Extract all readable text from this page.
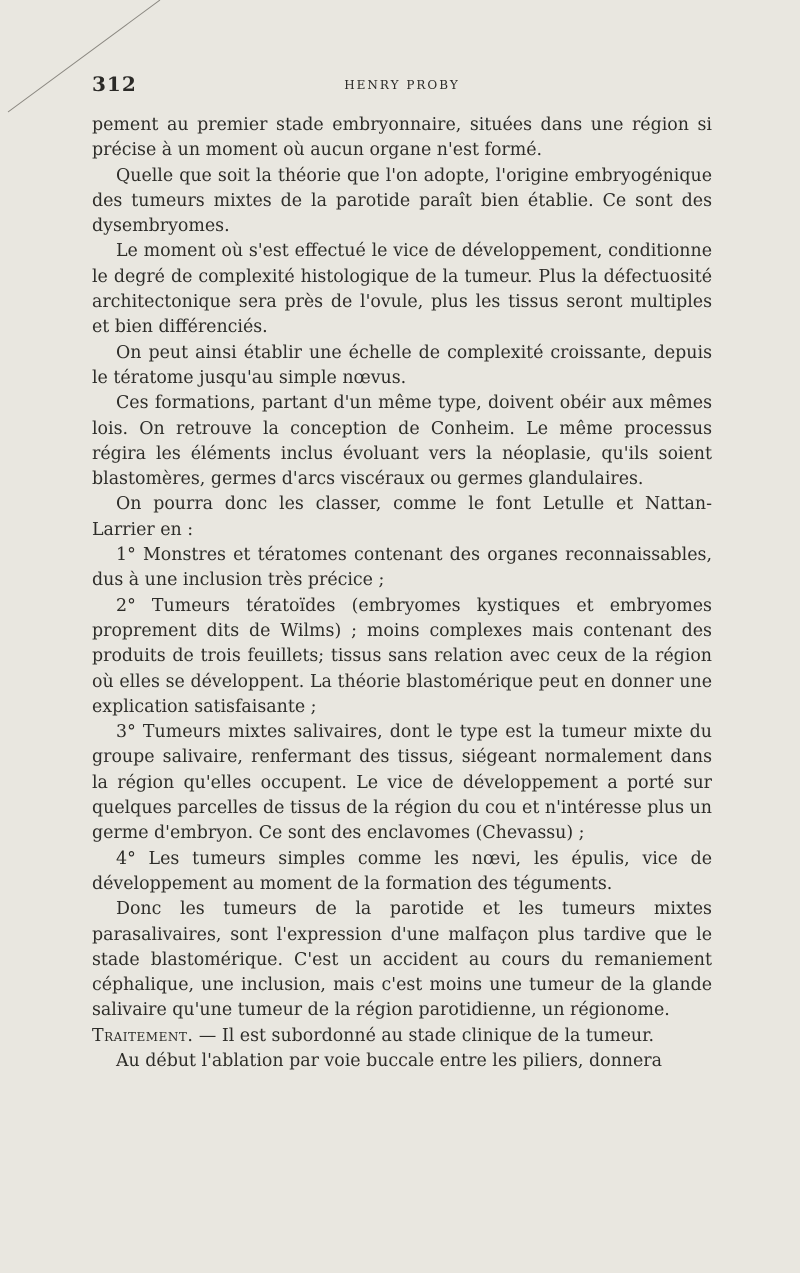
312	HENRY PROBY

pement au premier stade embryonnaire, situées dans une région si précise à un moment où aucun organe n'est formé.

Quelle que soit la théorie que l'on adopte, l'origine embryogénique des tumeurs mixtes de la parotide paraît bien établie. Ce sont des dysembryomes.

Le moment où s'est effectué le vice de développement, conditionne le degré de complexité histologique de la tumeur. Plus la défectuosité architectonique sera près de l'ovule, plus les tissus seront multiples et bien différenciés.

On peut ainsi établir une échelle de complexité croissante, depuis le tératome jusqu'au simple nœvus.

Ces formations, partant d'un même type, doivent obéir aux mêmes lois. On retrouve la conception de Conheim. Le même processus régira les éléments inclus évoluant vers la néoplasie, qu'ils soient blastomères, germes d'arcs viscéraux ou germes glandulaires.

On pourra donc les classer, comme le font Letulle et Nattan-Larrier en :

1° Monstres et tératomes contenant des organes reconnaissables, dus à une inclusion très précice ;

2° Tumeurs tératoïdes (embryomes kystiques et embryomes proprement dits de Wilms) ; moins complexes mais contenant des produits de trois feuillets; tissus sans relation avec ceux de la région où elles se développent. La théorie blastomérique peut en donner une explication satisfaisante ;

3° Tumeurs mixtes salivaires, dont le type est la tumeur mixte du groupe salivaire, renfermant des tissus, siégeant normalement dans la région qu'elles occupent. Le vice de développement a porté sur quelques parcelles de tissus de la région du cou et n'intéresse plus un germe d'embryon. Ce sont des enclavomes (Chevassu) ;

4° Les tumeurs simples comme les nœvi, les épulis, vice de développement au moment de la formation des téguments.

Donc les tumeurs de la parotide et les tumeurs mixtes parasalivaires, sont l'expression d'une malfaçon plus tardive que le stade blastomérique. C'est un accident au cours du remaniement céphalique, une inclusion, mais c'est moins une tumeur de la glande salivaire qu'une tumeur de la région parotidienne, un régionome.

Traitement. — Il est subordonné au stade clinique de la tumeur.

Au début l'ablation par voie buccale entre les piliers, donnera
